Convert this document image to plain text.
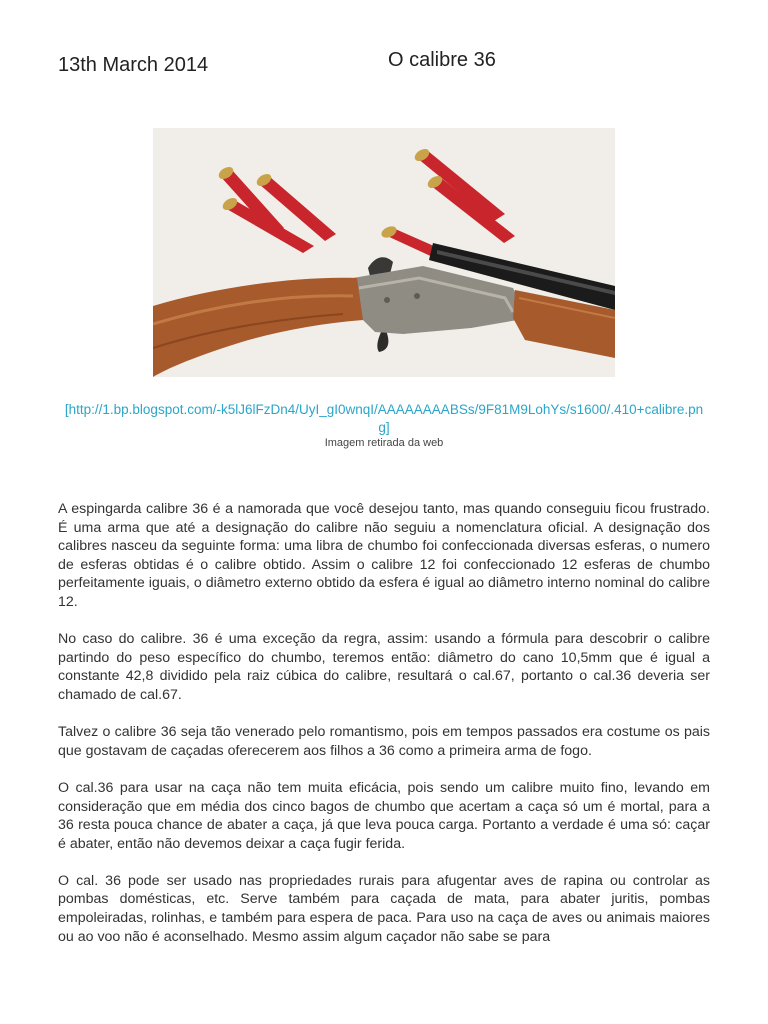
13th March 2014	O calibre 36
[http://1.bp.blogspot.com/-k5lJ6lFzDn4/UyI_gI0wnqI/AAAAAAAABSs/9F81M9LohYs/s1600/.410+calibre.png]
Imagem retirada da web

A espingarda calibre 36 é a namorada que você desejou tanto, mas quando conseguiu ficou frustrado. É uma arma que até a designação do calibre não seguiu a nomenclatura oficial. A designação dos calibres nasceu da seguinte forma: uma libra de chumbo foi confeccionada diversas esferas, o numero de esferas obtidas é o calibre obtido. Assim o calibre 12 foi confeccionado 12 esferas de chumbo perfeitamente iguais, o diâmetro externo obtido da esfera é igual ao diâmetro interno nominal do calibre 12.

No caso do calibre. 36 é uma exceção da regra, assim: usando a fórmula para descobrir o calibre partindo do peso específico do chumbo, teremos então: diâmetro do cano 10,5mm que é igual a constante 42,8 dividido pela raiz cúbica do calibre, resultará o cal.67, portanto o cal.36 deveria ser chamado de cal.67.

Talvez o calibre 36 seja tão venerado pelo romantismo, pois em tempos passados era costume os pais que gostavam de caçadas oferecerem aos filhos a 36 como a primeira arma de fogo.

O cal.36 para usar na caça não tem muita eficácia, pois sendo um calibre muito fino, levando em consideração que em média dos cinco bagos de chumbo que acertam a caça só um é mortal, para a 36 resta pouca chance de abater a caça, já que leva pouca carga. Portanto a verdade é uma só: caçar é abater, então não devemos deixar a caça fugir ferida.

O cal. 36 pode ser usado nas propriedades rurais para afugentar aves de rapina ou controlar as pombas domésticas, etc. Serve também para caçada de mata, para abater juritis, pombas empoleiradas, rolinhas, e também para espera de paca. Para uso na caça de aves ou animais maiores ou ao voo não é aconselhado. Mesmo assim algum caçador não sabe se para
